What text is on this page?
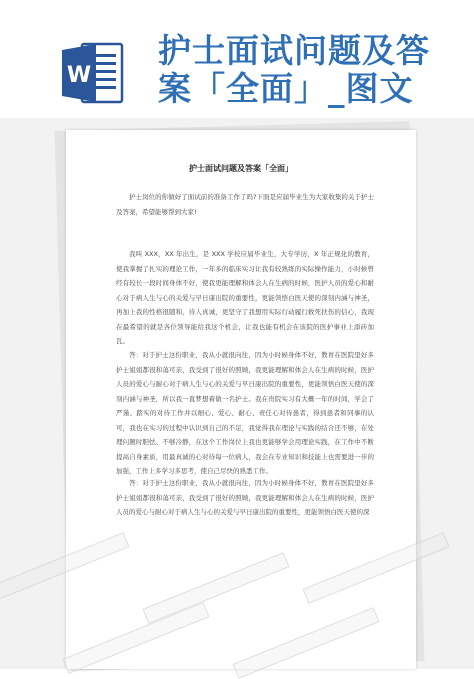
W
护士面试问题及答
案「全面」_图文
护士面试问题及答案「全面」

护士岗位的你做好了面试前的准备工作了吗?下面是应届毕业生为大家收集的关于护士及答案，希望能够帮到大家!

我叫 XXX，XX 年出生，是 XXX 学校应届毕业生，大专学历，X 年正规化的教育，使我掌握了扎实的理论工作，一年多的临床实习让我有较熟练的实际操作能力，小时候曾经有较长一段时间身体不好，使我更能理解和体会人在生病的时候，医护人员的爱心和耐心对于病人生与心的关爱与早日康出院的重要性，更能领悟白医天使的深刻内涵与神圣，再加上我的性格很随和，待人真诚，更坚守了我想用实际行动履行救死扶伤的信心，我现在最希望的就是各位领导能给我这个机会，让我也能有机会在该院的医护事业上添砖加瓦。

答：对于护士这份职业，我从小就很向往，因为小时候身体不好，教育在医院里好多护士姐姐都很和蔼可亲，我受到了很好的照顾，我更能理解和体会人在生病的时候，医护人员的爱心与耐心对于病人生与心的关爱与早日康出院的重要性，更能领悟白医天使的深刻内涵与神圣，所以我一直梦想着做一名护士。我在贵院实习有大概一年的时间，学会了严谨、踏实的对待工作并以细心、爱心、耐心、责任心对待患者，得到患者和同事的认可，我也在实习的过程中认识到自己的不足，我觉得我在理论与实践的结合还不够，在处理问题时胆怯、不够冷静，在这个工作岗位上我也更能够学会用理论实践，在工作中不断提高自身素质，用最真诚的心对待每一位病人，我会在专业知识和技能上也需要进一步的加强，工作上多学习多思考，使自己尽快的熟悉工作。

答：对于护士这份职业，我从小就很向往，因为小时候身体不好，教育在医院里好多护士姐姐都很和蔼可亲，我受到了很好的照顾，我更能理解和体会人在生病的时候，医护人员的爱心与耐心对于病人生与心的关爱与早日康出院的重要性，更能领悟白医天使的深
